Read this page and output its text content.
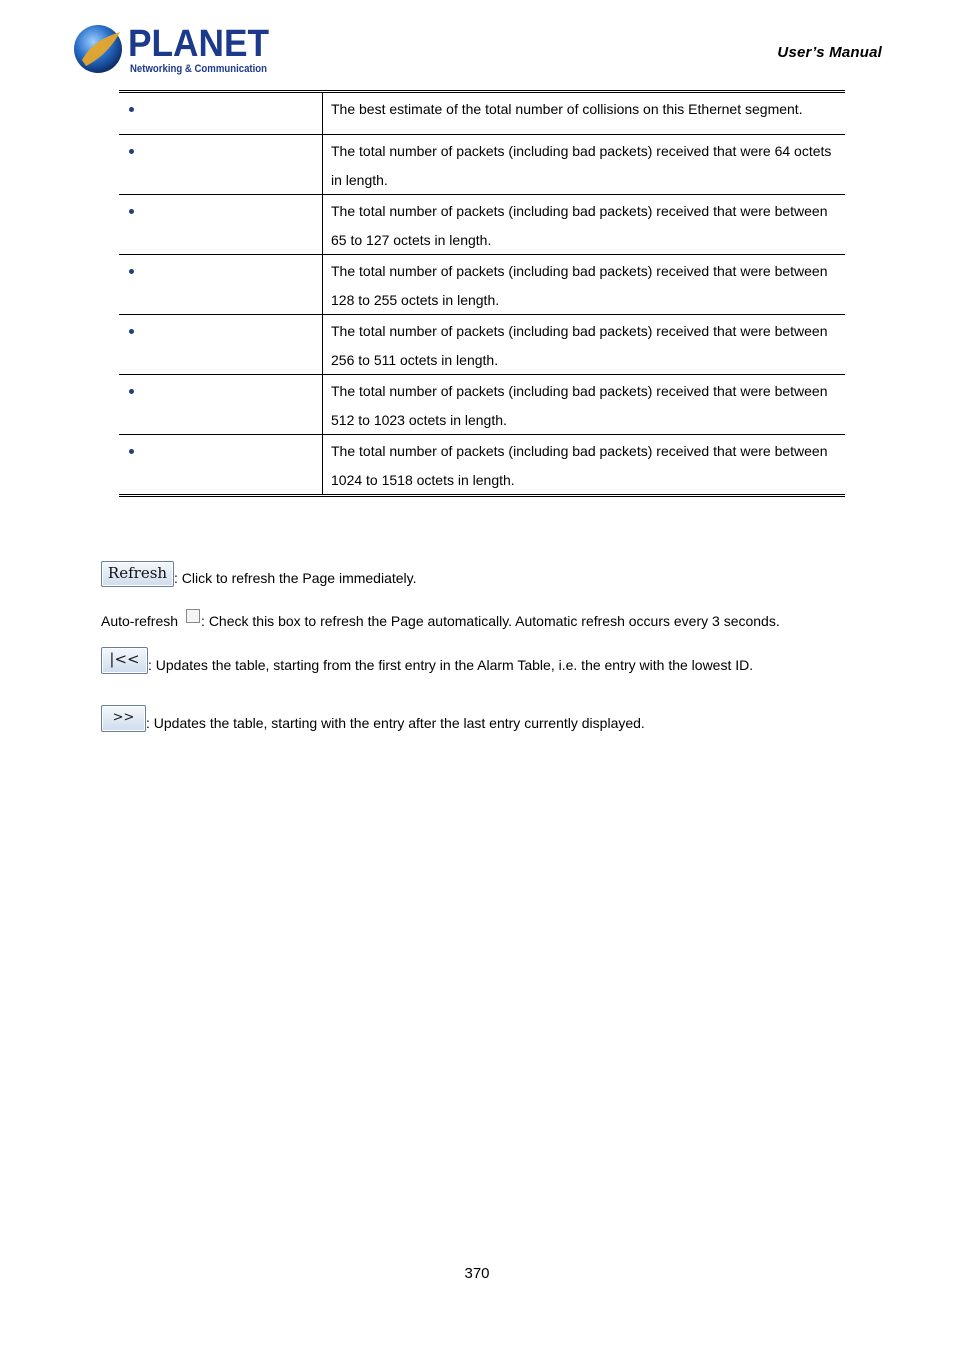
PLANET
Networking & Communication
User’s Manual
	The best estimate of the total number of collisions on this Ethernet segment.
	The total number of packets (including bad packets) received that were 64 octets in length.
	The total number of packets (including bad packets) received that were between 65 to 127 octets in length.
	The total number of packets (including bad packets) received that were between 128 to 255 octets in length.
	The total number of packets (including bad packets) received that were between 256 to 511 octets in length.
	The total number of packets (including bad packets) received that were between 512 to 1023 octets in length.
	The total number of packets (including bad packets) received that were between 1024 to 1518 octets in length.
Refresh : Click to refresh the Page immediately.
Auto-refresh : Check this box to refresh the Page automatically. Automatic refresh occurs every 3 seconds.
|<< : Updates the table, starting from the first entry in the Alarm Table, i.e. the entry with the lowest ID.
>> : Updates the table, starting with the entry after the last entry currently displayed.
370
